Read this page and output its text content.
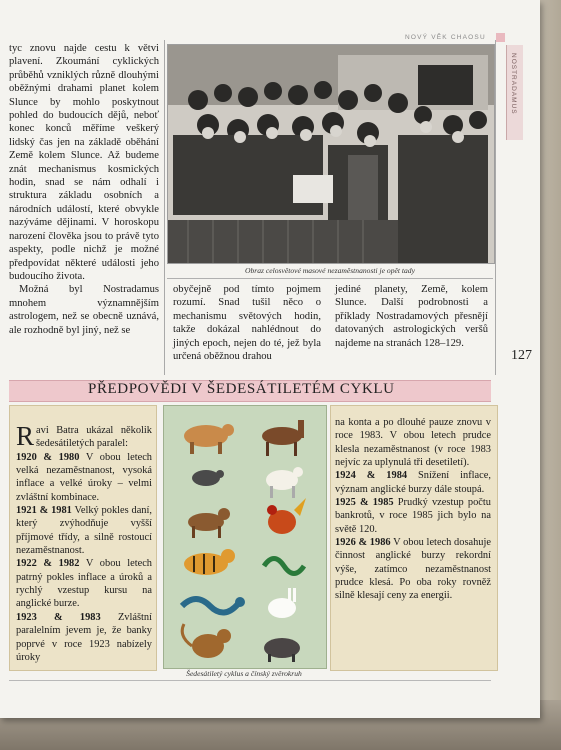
NOVÝ VĚK CHAOSU
NOSTRADAMUS

tyc znovu najde cestu k větvi plavení. Zkoumání cyklických průběhů vzniklých různě dlouhými oběžnými drahami planet kolem Slunce by mohlo poskytnout pohled do budoucích dějů, neboť konec konců měříme veškerý lidský čas jen na základě oběhání Země kolem Slunce. Až budeme znát mechanismus kosmických hodin, snad se nám odhalí i struktura základu osobních a národních událostí, které obvykle nazýváme dějinami. V horoskopu narození člověka jsou to právě tyto aspekty, podle nichž je možné předpovídat některé události jeho budoucího života.

Možná byl Nostradamus mnohem významnějším astrologem, než se obecně uznává, ale rozhodně byl jiný, než se

Obraz celosvětové masové nezaměstnanosti je opět tady

obyčejně pod tímto pojmem rozumí. Snad tušil něco o mechanismu světových hodin, takže dokázal nahlédnout do jiných epoch, nejen do té, jež byla určená oběžnou drahou

jediné planety, Země, kolem Slunce. Další podrobnosti a příklady Nostradamových přesnějí datovaných astrologických veršů najdeme na stranách 128–129.

127
PŘEDPOVĚDI V ŠEDESÁTILETÉM CYKLU

Ravi Batra ukázal několik šedesátiletých paralel:

1920 & 1980 V obou letech velká nezaměstnanost, vysoká inflace a velké úroky – velmi zvláštní kombinace.

1921 & 1981 Velký pokles daní, který zvýhodňuje vyšší příjmové třídy, a silně rostoucí nezaměstnanost.

1922 & 1982 V obou letech patrný pokles inflace a úroků a rychlý vzestup kursu na anglické burze.

1923 & 1983 Zvláštní paralelním jevem je, že banky poprvé v roce 1923 nabízely úroky

Šedesátiletý cyklus a čínský zvěrokruh

na konta a po dlouhé pauze znovu v roce 1983. V obou letech prudce klesla nezaměstnanost (v roce 1983 nejvíc za uplynulá tři desetiletí).

1924 & 1984 Snížení inflace, význam anglické burzy dále stoupá.

1925 & 1985 Prudký vzestup počtu bankrotů, v roce 1985 jich bylo na světě 120.

1926 & 1986 V obou letech dosahuje činnost anglické burzy rekordní výše, zatímco nezaměstnanost prudce klesá. Po oba roky rovněž silně klesají ceny za energii.
